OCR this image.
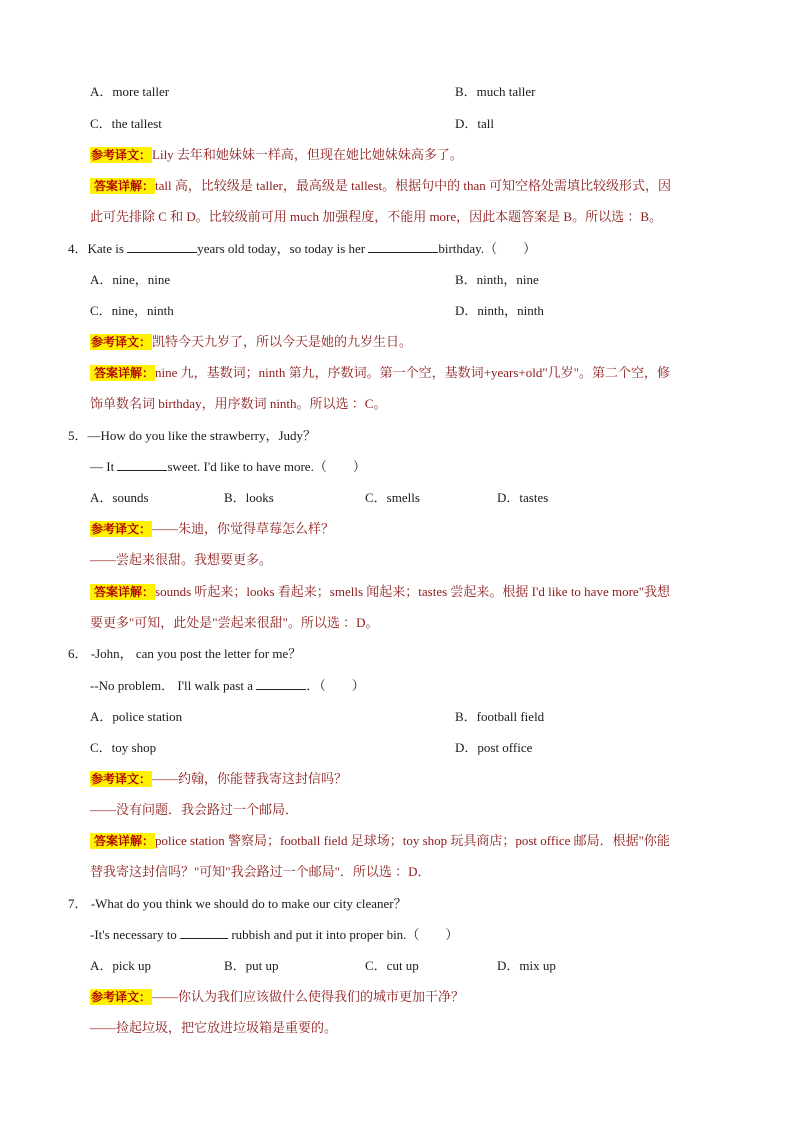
A．more taller	B．much taller
C．the tallest	D．tall
参考译文：Lily 去年和她妹妹一样高，但现在她比她妹妹高多了。
答案详解：tall 高，比较级是 taller，最高级是 tallest。根据句中的 than 可知空格处需填比较级形式，因
此可先排除 C 和 D。比较级前可用 much 加强程度，不能用 more，因此本题答案是 B。所以选 ：B。
4．Kate is	years old today，so today is her	birthday.（　　）
A．nine，nine	B．ninth，nine
C．nine，ninth	D．ninth，ninth
参考译文：凯特今天九岁了，所以今天是她的九岁生日。
答案详解：nine 九，基数词；ninth 第九，序数词。第一个空，基数词+years+old"几岁"。第二个空，修
饰单数名词 birthday，用序数词 ninth。所以选 ：C。
5．—How do you like the strawberry，Judy？
— It	sweet. I'd like to have more.（　　）
A．sounds	B．looks	C．smells	D．tastes
参考译文：——朱迪，你觉得草莓怎么样？
——尝起来很甜。我想要更多。
答案详解：sounds 听起来；looks 看起来；smells 闻起来；tastes 尝起来。根据 I'd like to have more"我想
要更多"可知，此处是"尝起来很甜"。所以选 ：D。
6． -John， can you post the letter for me？
--No problem． I'll walk past a	．（　　）
A．police station	B．football field
C．toy shop	D．post office
参考译文：——约翰，你能替我寄这封信吗？
——没有问题．我会路过一个邮局．
答案详解：police station 警察局；football field 足球场；toy shop 玩具商店；post office 邮局．根据"你能
替我寄这封信吗？"可知"我会路过一个邮局"．所以选 ：D．
7． -What do you think we should do to make our city cleaner？
-It's necessary to	rubbish and put it into proper bin.（　　）
A．pick up	B．put up	C．cut up	D．mix up
参考译文：——你认为我们应该做什么使得我们的城市更加干净？
——捡起垃圾，把它放进垃圾箱是重要的。
